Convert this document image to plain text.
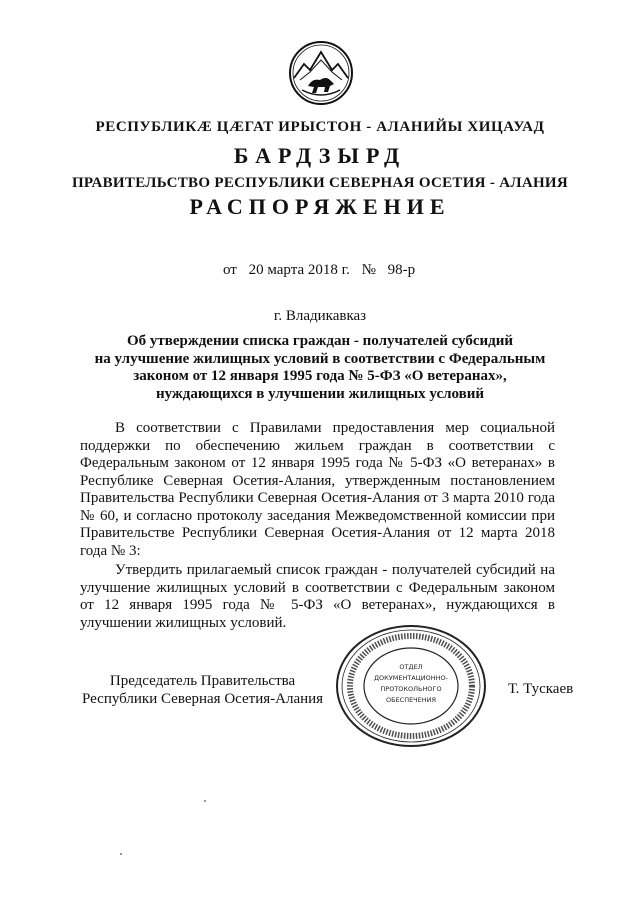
РЕСПУБЛИКӔ ЦӔГАТ ИРЫСТОН - АЛАНИЙЫ ХИЦАУАД
БАРДЗЫРД
ПРАВИТЕЛЬСТВО РЕСПУБЛИКИ СЕВЕРНАЯ ОСЕТИЯ - АЛАНИЯ
РАСПОРЯЖЕНИЕ
от 20 марта 2018 г. № 98-р
г. Владикавказ
Об утверждении списка граждан - получателей субсидий
на улучшение жилищных условий в соответствии с Федеральным
законом от 12 января 1995 года № 5-ФЗ «О ветеранах»,
нуждающихся в улучшении жилищных условий
В соответствии с Правилами предоставления мер социальной поддержки по обеспечению жильем граждан в соответствии с Федеральным законом от 12 января 1995 года № 5-ФЗ «О ветеранах» в Республике Северная Осетия-Алания, утвержденным постановлением Правительства Республики Северная Осетия-Алания от 3 марта 2010 года № 60, и согласно протоколу заседания Межведомственной комиссии при Правительстве Республики Северная Осетия-Алания от 12 марта 2018 года № 3:
Утвердить прилагаемый список граждан - получателей субсидий на улучшение жилищных условий в соответствии с Федеральным законом от 12 января 1995 года № 5-ФЗ «О ветеранах», нуждающихся в улучшении жилищных условий.
Председатель Правительства
Республики Северная Осетия-Алания
ОТДЕЛ
ДОКУМЕНТАЦИОННО-
ПРОТОКОЛЬНОГО
ОБЕСПЕЧЕНИЯ
Т. Тускаев
